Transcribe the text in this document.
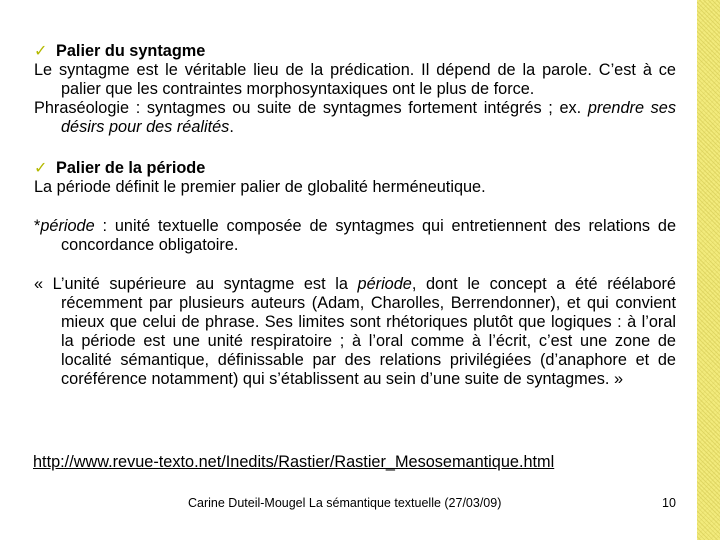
✓ Palier du syntagme

Le syntagme est le véritable lieu de la prédication. Il dépend de la parole. C’est à ce palier que les contraintes morphosyntaxiques ont le plus de force.

Phraséologie : syntagmes ou suite de syntagmes fortement intégrés ; ex. prendre ses désirs pour des réalités.

✓ Palier de la période

La période définit le premier palier de globalité herméneutique.

*période : unité textuelle composée de syntagmes qui entretiennent des relations de concordance obligatoire.

« L’unité supérieure au syntagme est la période, dont le concept a été réélaboré récemment par plusieurs auteurs (Adam, Charolles, Berrendonner), et qui convient mieux que celui de phrase. Ses limites sont rhétoriques plutôt que logiques : à l’oral la période est une unité respiratoire ; à l’oral comme à l’écrit, c’est une zone de localité sémantique, définissable par des relations privilégiées (d’anaphore et de coréférence notamment) qui s’établissent au sein d’une suite de syntagmes. »

http://www.revue-texto.net/Inedits/Rastier/Rastier_Mesosemantique.html
Carine Duteil-Mougel La sémantique textuelle (27/03/09)	10
